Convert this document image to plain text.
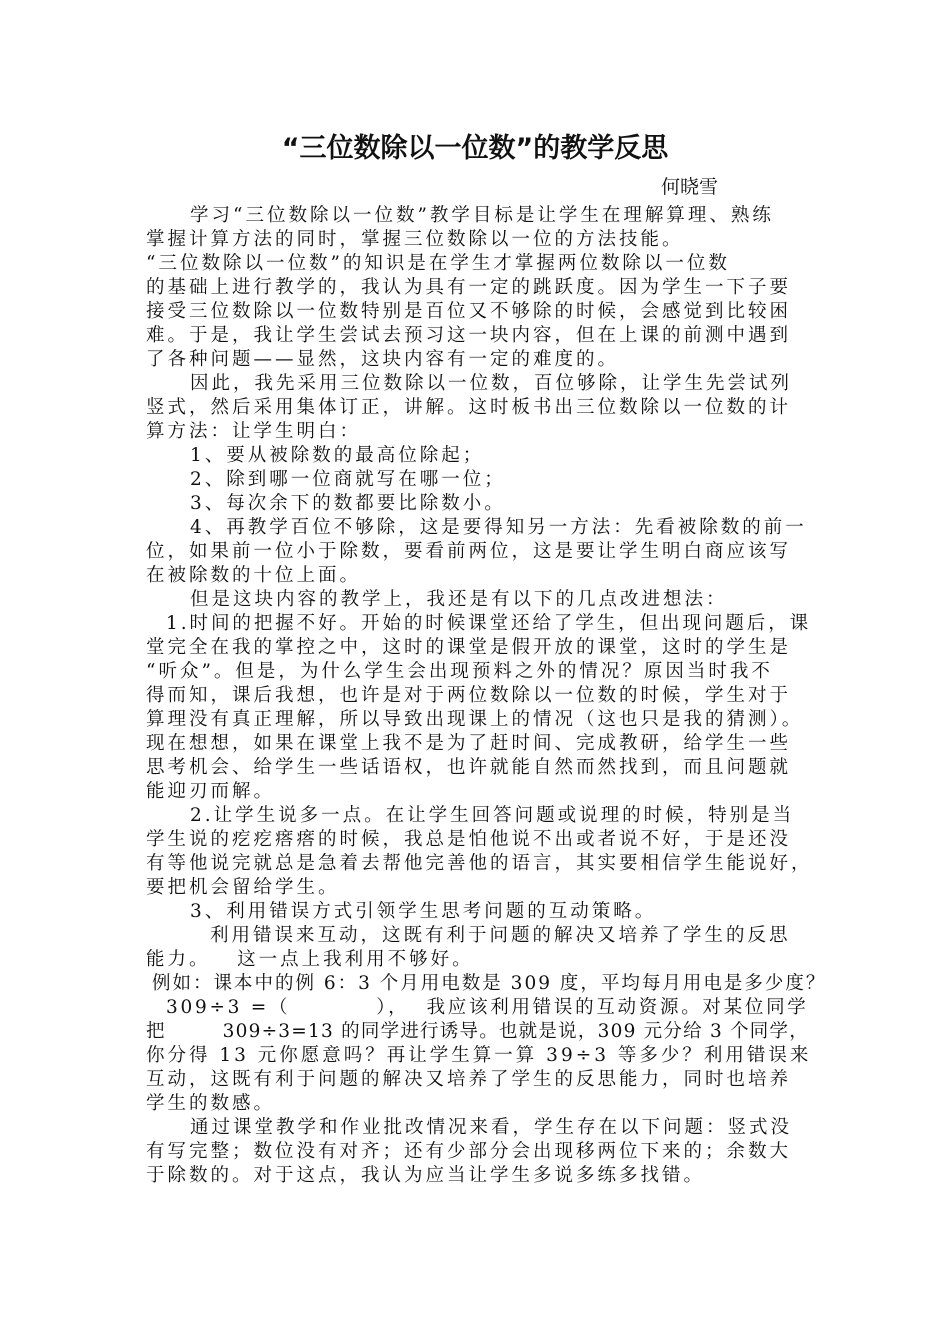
“三位数除以一位数”的教学反思
何晓雪
学习“三位数除以一位数”教学目标是让学生在理解算理、熟练
掌握计算方法的同时，掌握三位数除以一位的方法技能。
“三位数除以一位数”的知识是在学生才掌握两位数除以一位数
的基础上进行教学的，我认为具有一定的跳跃度。因为学生一下子要
接受三位数除以一位数特别是百位又不够除的时候，会感觉到比较困
难。于是，我让学生尝试去预习这一块内容，但在上课的前测中遇到
了各种问题——显然，这块内容有一定的难度的。
因此，我先采用三位数除以一位数，百位够除，让学生先尝试列
竖式，然后采用集体订正，讲解。这时板书出三位数除以一位数的计
算方法：让学生明白：
1、要从被除数的最高位除起；
2、除到哪一位商就写在哪一位；
3、每次余下的数都要比除数小。
4、再教学百位不够除，这是要得知另一方法：先看被除数的前一
位，如果前一位小于除数，要看前两位，这是要让学生明白商应该写
在被除数的十位上面。
但是这块内容的教学上，我还是有以下的几点改进想法：
1.时间的把握不好。开始的时候课堂还给了学生，但出现问题后，课
堂完全在我的掌控之中，这时的课堂是假开放的课堂，这时的学生是
“听众”。但是，为什么学生会出现预料之外的情况？原因当时我不
得而知，课后我想，也许是对于两位数除以一位数的时候，学生对于
算理没有真正理解，所以导致出现课上的情况（这也只是我的猜测）。
现在想想，如果在课堂上我不是为了赶时间、完成教研，给学生一些
思考机会、给学生一些话语权，也许就能自然而然找到，而且问题就
能迎刃而解。
2.让学生说多一点。在让学生回答问题或说理的时候，特别是当
学生说的疙疙瘩瘩的时候，我总是怕他说不出或者说不好，于是还没
有等他说完就总是急着去帮他完善他的语言，其实要相信学生能说好，
要把机会留给学生。
3、利用错误方式引领学生思考问题的互动策略。
利用错误来互动，这既有利于问题的解决又培养了学生的反思
能力。   这一点上我利用不够好。
例如：课本中的例 6：3 个月用电数是 309 度，平均每月用电是多少度？
309÷3 =（          ），  我应该利用错误的互动资源。对某位同学
把        309÷3=13 的同学进行诱导。也就是说，309 元分给 3 个同学，
你分得 13 元你愿意吗？再让学生算一算 39÷3 等多少？利用错误来
互动，这既有利于问题的解决又培养了学生的反思能力，同时也培养
学生的数感。
通过课堂教学和作业批改情况来看，学生存在以下问题：竖式没
有写完整；数位没有对齐；还有少部分会出现移两位下来的；余数大
于除数的。对于这点，我认为应当让学生多说多练多找错。
